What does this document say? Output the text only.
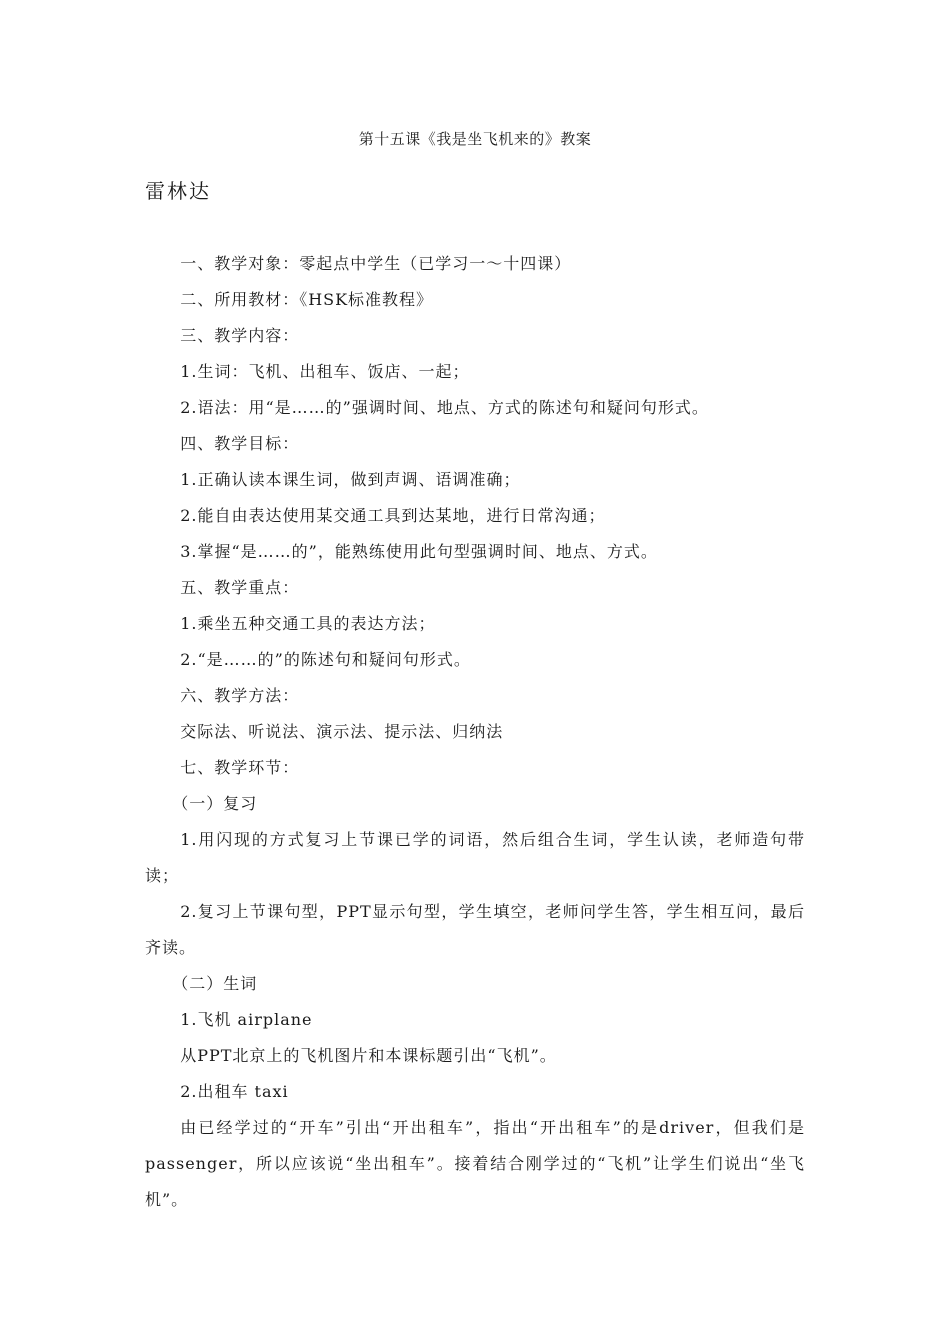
第十五课《我是坐飞机来的》教案
雷林达

一、教学对象：零起点中学生（已学习一～十四课）

二、所用教材：《HSK标准教程》

三、教学内容：

1.生词：飞机、出租车、饭店、一起；

2.语法：用“是……的”强调时间、地点、方式的陈述句和疑问句形式。

四、教学目标：

1.正确认读本课生词，做到声调、语调准确；

2.能自由表达使用某交通工具到达某地，进行日常沟通；

3.掌握“是……的”，能熟练使用此句型强调时间、地点、方式。

五、教学重点：

1.乘坐五种交通工具的表达方法；

2.“是……的”的陈述句和疑问句形式。

六、教学方法：

交际法、听说法、演示法、提示法、归纳法

七、教学环节：

（一）复习

1.用闪现的方式复习上节课已学的词语，然后组合生词，学生认读，老师造句带读；

2.复习上节课句型，PPT显示句型，学生填空，老师问学生答，学生相互问，最后齐读。

（二）生词

1.飞机 airplane

从PPT北京上的飞机图片和本课标题引出“飞机”。

2.出租车 taxi

由已经学过的“开车”引出“开出租车”，指出“开出租车”的是driver，但我们是passenger，所以应该说“坐出租车”。接着结合刚学过的“飞机”让学生们说出“坐飞机”。
